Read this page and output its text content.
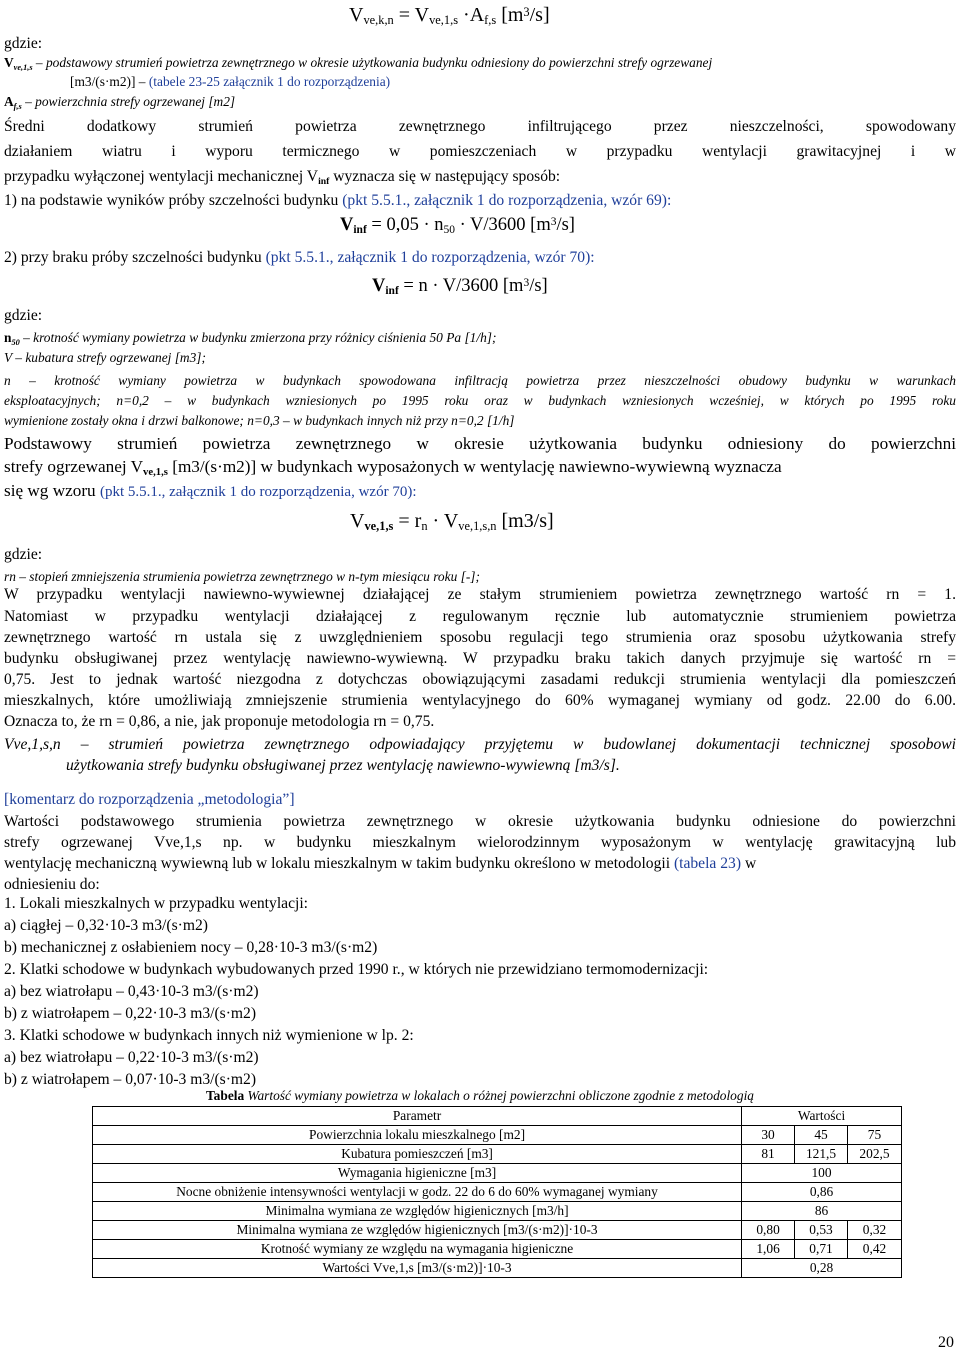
$V_{ve,k,n} = V_{ve,1,s} \cdot A_{f,s}$ $[m^3/s]$
gdzie:
$V_{ve,1,s}$ – podstawowy strumień powietrza zewnętrznego w okresie użytkowania budynku odniesiony do powierzchni strefy ogrzewanej
[m3/(s·m2)] – (tabele 23-25 załącznik 1 do rozporządzenia)
$A_{f,s}$ – powierzchnia strefy ogrzewanej [m2]
Średni dodatkowy strumień powietrza zewnętrznego infiltrującego przez nieszczelności, spowodowany
działaniem wiatru i wyporu termicznego w pomieszczeniach w przypadku wentylacji grawitacyjnej i w
przypadku wyłączonej wentylacji mechanicznej $V_{inf}$ wyznacza się w następujący sposób:
1) na podstawie wyników próby szczelności budynku (pkt 5.5.1., załącznik 1 do rozporządzenia, wzór 69):
$V_{inf} = 0,05 \cdot n_{50} \cdot V/3600$ $[m^3/s]$
2) przy braku próby szczelności budynku (pkt 5.5.1., załącznik 1 do rozporządzenia, wzór 70):
$V_{inf} = n \cdot V/3600$ $[m^3/s]$
gdzie:
$n_{50}$ – krotność wymiany powietrza w budynku zmierzona przy różnicy ciśnienia 50 Pa [1/h];
V – kubatura strefy ogrzewanej [m3];
n – krotność wymiany powietrza w budynkach spowodowana infiltracją powietrza przez nieszczelności obudowy budynku w warunkach
eksploatacyjnych; n=0,2 – w budynkach wzniesionych po 1995 roku oraz w budynkach wzniesionych wcześniej, w których po 1995 roku
wymienione zostały okna i drzwi balkonowe; n=0,3 – w budynkach innych niż przy n=0,2 [1/h]
Podstawowy strumień powietrza zewnętrznego w okresie użytkowania budynku odniesiony do powierzchni
strefy ogrzewanej $V_{ve,1,s}$ [m3/(s·m2)] w budynkach wyposażonych w wentylację nawiewno-wywiewną wyznacza
się wg wzoru (pkt 5.5.1., załącznik 1 do rozporządzenia, wzór 70):
$V_{ve,1,s} = r_n \cdot V_{ve,1,s,n}$ [m3/s]
gdzie:
rn – stopień zmniejszenia strumienia powietrza zewnętrznego w n-tym miesiącu roku [-];
W przypadku wentylacji nawiewno-wywiewnej działającej ze stałym strumieniem powietrza zewnętrznego wartość rn = 1.
Natomiast w przypadku wentylacji działającej z regulowanym ręcznie lub automatycznie strumieniem powietrza
zewnętrznego wartość rn ustala się z uwzględnieniem sposobu regulacji tego strumienia oraz sposobu użytkowania strefy
budynku obsługiwanej przez wentylację nawiewno-wywiewną. W przypadku braku takich danych przyjmuje się wartość rn =
0,75. Jest to jednak wartość niezgodna z dotychczas obowiązującymi zasadami redukcji strumienia wentylacji dla pomieszczeń
mieszkalnych, które umożliwiają zmniejszenie strumienia wentylacyjnego do 60% wymaganej wymiany od godz. 22.00 do 6.00.
Oznacza to, że rn = 0,86, a nie, jak proponuje metodologia rn = 0,75.
Vve,1,s,n – strumień powietrza zewnętrznego odpowiadający przyjętemu w budowlanej dokumentacji technicznej sposobowi
użytkowania strefy budynku obsługiwanej przez wentylację nawiewno-wywiewną [m3/s].
[komentarz do rozporządzenia „metodologia”]
Wartości podstawowego strumienia powietrza zewnętrznego w okresie użytkowania budynku odniesione do powierzchni
strefy ogrzewanej Vve,1,s np. w budynku mieszkalnym wielorodzinnym wyposażonym w wentylację grawitacyjną lub
wentylację mechaniczną wywiewną lub w lokalu mieszkalnym w takim budynku określono w metodologii (tabela 23) w
odniesieniu do:
1. Lokali mieszkalnych w przypadku wentylacji:
a) ciągłej – 0,32·10-3 m3/(s·m2)
b) mechanicznej z osłabieniem nocy – 0,28·10-3 m3/(s·m2)
2. Klatki schodowe w budynkach wybudowanych przed 1990 r., w których nie przewidziano termomodernizacji:
a) bez wiatrołapu – 0,43·10-3 m3/(s·m2)
b) z wiatrołapem – 0,22·10-3 m3/(s·m2)
3. Klatki schodowe w budynkach innych niż wymienione w lp. 2:
a) bez wiatrołapu – 0,22·10-3 m3/(s·m2)
b) z wiatrołapem – 0,07·10-3 m3/(s·m2)
Tabela Wartość wymiany powietrza w lokalach o różnej powierzchni obliczone zgodnie z metodologią
Parametr	Wartości		
Powierzchnia lokalu mieszkalnego [m2]	30	45	75
Kubatura pomieszczeń [m3]	81	121,5	202,5
Wymagania higieniczne [m3]	100		
Nocne obniżenie intensywności wentylacji w godz. 22 do 6 do 60% wymaganej wymiany	0,86		
Minimalna wymiana ze względów higienicznych [m3/h]	86		
Minimalna wymiana ze względów higienicznych [m3/(s·m2)]·10-3	0,80	0,53	0,32
Krotność wymiany ze względu na wymagania higieniczne	1,06	0,71	0,42
Wartości Vve,1,s [m3/(s·m2)]·10-3	0,28		
20
